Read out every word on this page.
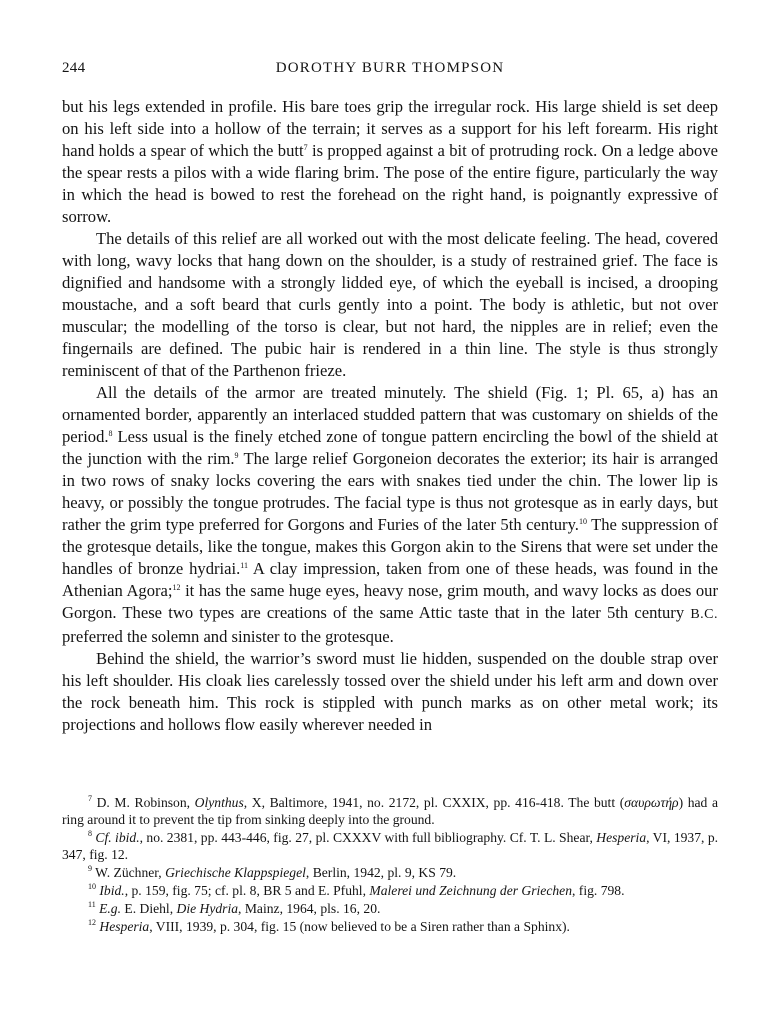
244	DOROTHY BURR THOMPSON

but his legs extended in profile. His bare toes grip the irregular rock. His large shield is set deep on his left side into a hollow of the terrain; it serves as a support for his left forearm. His right hand holds a spear of which the butt$^7$ is propped against a bit of protruding rock. On a ledge above the spear rests a pilos with a wide flaring brim. The pose of the entire figure, particularly the way in which the head is bowed to rest the forehead on the right hand, is poignantly expressive of sorrow.

The details of this relief are all worked out with the most delicate feeling. The head, covered with long, wavy locks that hang down on the shoulder, is a study of restrained grief. The face is dignified and handsome with a strongly lidded eye, of which the eyeball is incised, a drooping moustache, and a soft beard that curls gently into a point. The body is athletic, but not over muscular; the modelling of the torso is clear, but not hard, the nipples are in relief; even the fingernails are defined. The pubic hair is rendered in a thin line. The style is thus strongly reminiscent of that of the Parthenon frieze.

All the details of the armor are treated minutely. The shield (Fig. 1; Pl. 65, a) has an ornamented border, apparently an interlaced studded pattern that was customary on shields of the period.$^8$ Less usual is the finely etched zone of tongue pattern encircling the bowl of the shield at the junction with the rim.$^9$ The large relief Gorgoneion decorates the exterior; its hair is arranged in two rows of snaky locks covering the ears with snakes tied under the chin. The lower lip is heavy, or possibly the tongue protrudes. The facial type is thus not grotesque as in early days, but rather the grim type preferred for Gorgons and Furies of the later 5th century.$^{10}$ The suppression of the grotesque details, like the tongue, makes this Gorgon akin to the Sirens that were set under the handles of bronze hydriai.$^{11}$ A clay impression, taken from one of these heads, was found in the Athenian Agora;$^{12}$ it has the same huge eyes, heavy nose, grim mouth, and wavy locks as does our Gorgon. These two types are creations of the same Attic taste that in the later 5th century B.C. preferred the solemn and sinister to the grotesque.

Behind the shield, the warrior’s sword must lie hidden, suspended on the double strap over his left shoulder. His cloak lies carelessly tossed over the shield under his left arm and down over the rock beneath him. This rock is stippled with punch marks as on other metal work; its projections and hollows flow easily wherever needed in

$^7$ D. M. Robinson, Olynthus, X, Baltimore, 1941, no. 2172, pl. CXXIX, pp. 416-418. The butt (σαυρωτήρ) had a ring around it to prevent the tip from sinking deeply into the ground.

$^8$ Cf. ibid., no. 2381, pp. 443-446, fig. 27, pl. CXXXV with full bibliography. Cf. T. L. Shear, Hesperia, VI, 1937, p. 347, fig. 12.

$^9$ W. Züchner, Griechische Klappspiegel, Berlin, 1942, pl. 9, KS 79.

$^{10}$ Ibid., p. 159, fig. 75; cf. pl. 8, BR 5 and E. Pfuhl, Malerei und Zeichnung der Griechen, fig. 798.

$^{11}$ E.g. E. Diehl, Die Hydria, Mainz, 1964, pls. 16, 20.

$^{12}$ Hesperia, VIII, 1939, p. 304, fig. 15 (now believed to be a Siren rather than a Sphinx).
